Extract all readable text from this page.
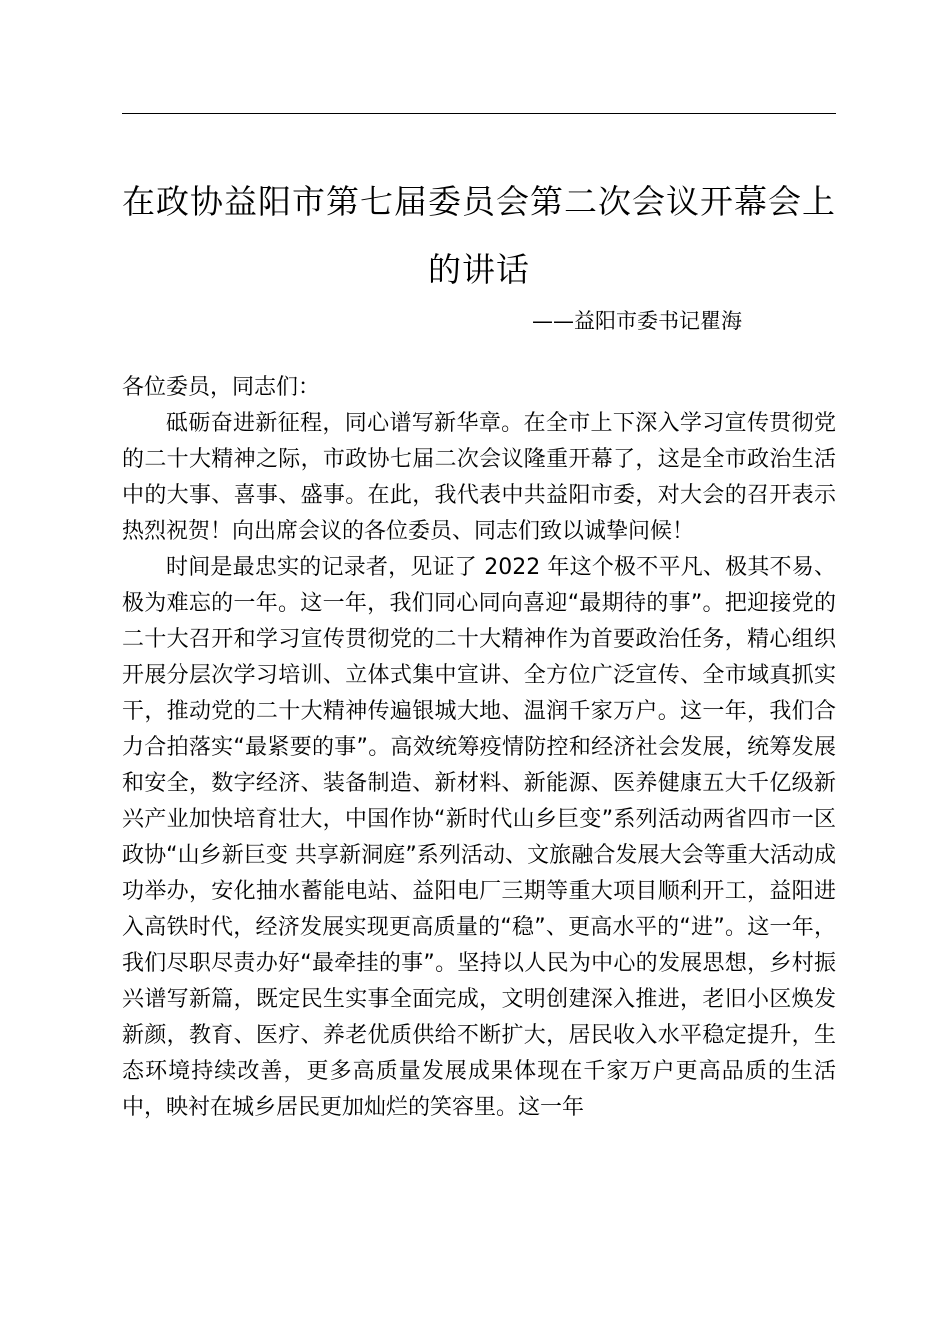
在政协益阳市第七届委员会第二次会议开幕会上的讲话
——益阳市委书记瞿海

各位委员，同志们：

砥砺奋进新征程，同心谱写新华章。在全市上下深入学习宣传贯彻党的二十大精神之际，市政协七届二次会议隆重开幕了，这是全市政治生活中的大事、喜事、盛事。在此，我代表中共益阳市委，对大会的召开表示热烈祝贺！向出席会议的各位委员、同志们致以诚挚问候！

时间是最忠实的记录者，见证了 2022 年这个极不平凡、极其不易、极为难忘的一年。这一年，我们同心同向喜迎“最期待的事”。把迎接党的二十大召开和学习宣传贯彻党的二十大精神作为首要政治任务，精心组织开展分层次学习培训、立体式集中宣讲、全方位广泛宣传、全市域真抓实干，推动党的二十大精神传遍银城大地、温润千家万户。这一年，我们合力合拍落实“最紧要的事”。高效统筹疫情防控和经济社会发展，统筹发展和安全，数字经济、装备制造、新材料、新能源、医养健康五大千亿级新兴产业加快培育壮大，中国作协“新时代山乡巨变”系列活动两省四市一区政协“山乡新巨变 共享新洞庭”系列活动、文旅融合发展大会等重大活动成功举办，安化抽水蓄能电站、益阳电厂三期等重大项目顺利开工，益阳进入高铁时代，经济发展实现更高质量的“稳”、更高水平的“进”。这一年，我们尽职尽责办好“最牵挂的事”。坚持以人民为中心的发展思想，乡村振兴谱写新篇，既定民生实事全面完成，文明创建深入推进，老旧小区焕发新颜，教育、医疗、养老优质供给不断扩大，居民收入水平稳定提升，生态环境持续改善，更多高质量发展成果体现在千家万户更高品质的生活中，映衬在城乡居民更加灿烂的笑容里。这一年
